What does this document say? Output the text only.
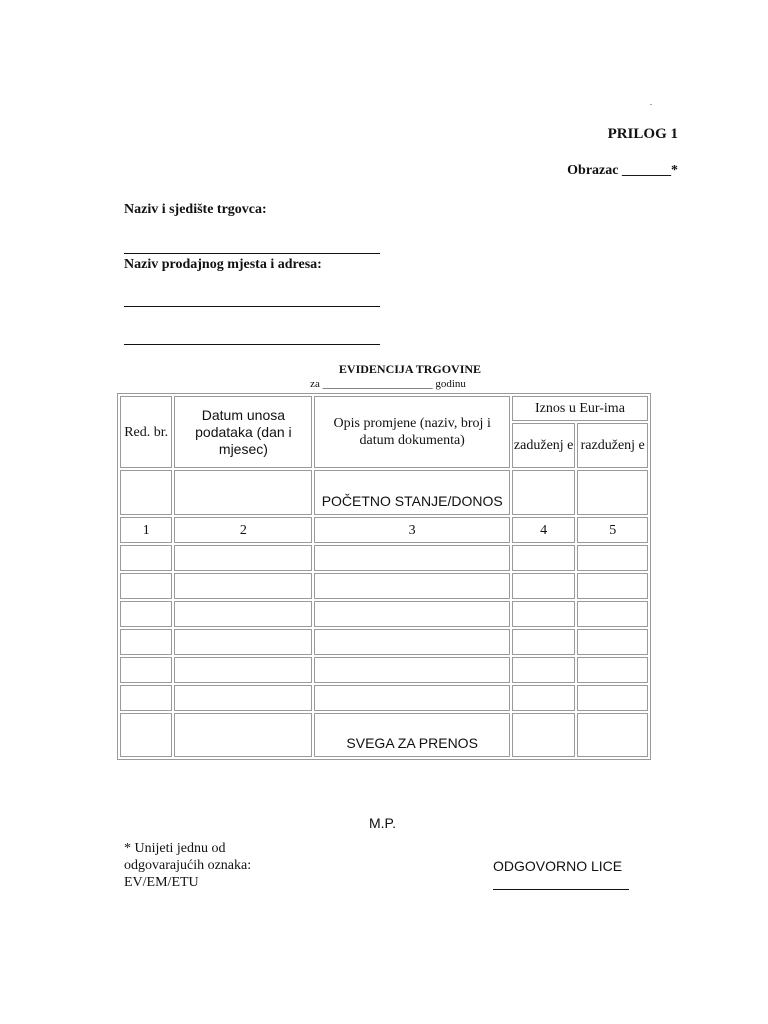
.
PRILOG 1
Obrazac _______*
Naziv i sjedište trgovca:
Naziv prodajnog mjesta i adresa:
EVIDENCIJA TRGOVINE
za ____________________ godinu
Red. br.	Datum unosa podataka (dan i mjesec)	Opis promjene (naziv, broj i datum dokumenta)	Iznos u Eur-ima	
			zaduženj e	razduženj e
		POČETNO STANJE/DONOS		
1	2	3	4	5

		SVEGA ZA PRENOS		
M.P.
* Unijeti jednu od odgovarajućih oznaka: EV/EM/ETU
ODGOVORNO LICE
